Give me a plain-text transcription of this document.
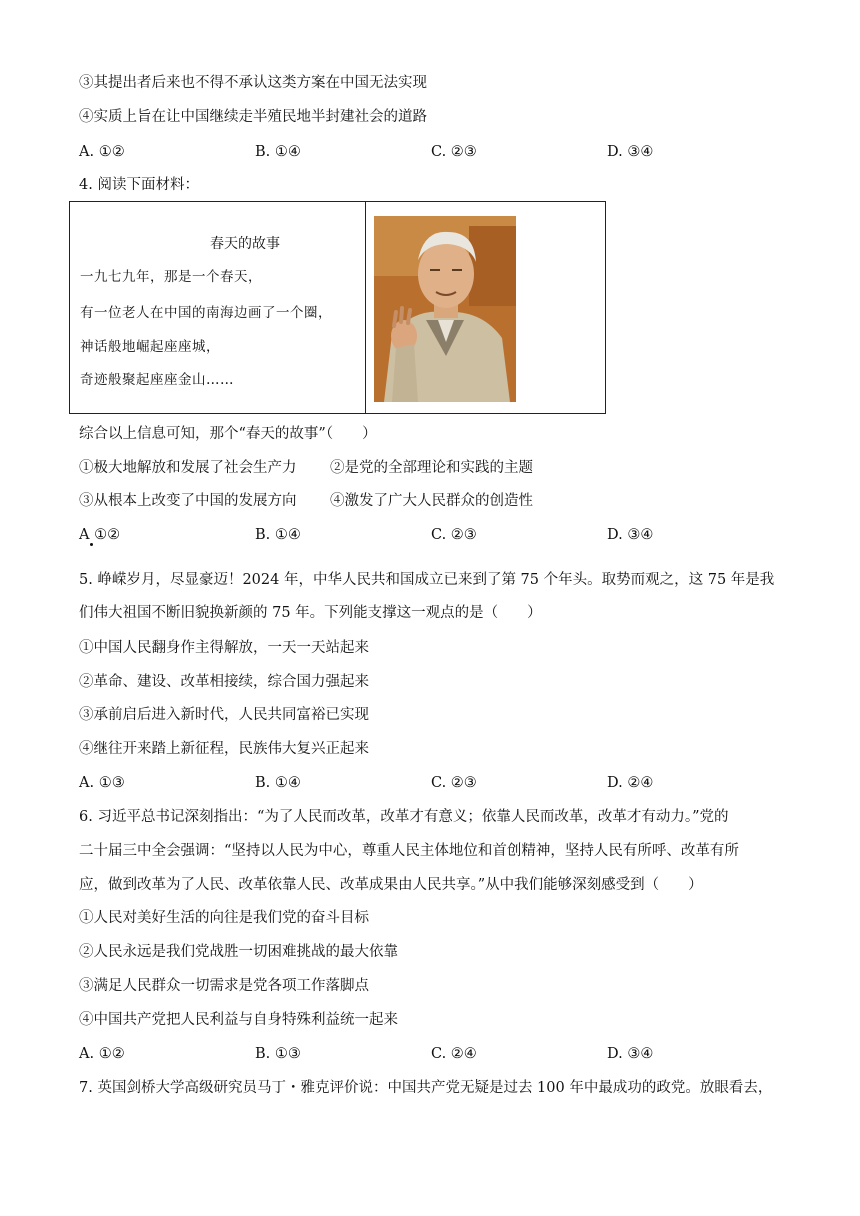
③其提出者后来也不得不承认这类方案在中国无法实现
④实质上旨在让中国继续走半殖民地半封建社会的道路
A. ①②	B. ①④	C. ②③	D. ③④
4. 阅读下面材料：
春天的故事
一九七九年，那是一个春天，
有一位老人在中国的南海边画了一个圈，
神话般地崛起座座城，
奇迹般聚起座座金山……
综合以上信息可知，那个“春天的故事”（　　）
①极大地解放和发展了社会生产力 ②是党的全部理论和实践的主题
③从根本上改变了中国的发展方向 ④激发了广大人民群众的创造性
A ①②	B. ①④	C. ②③	D. ③④
5. 峥嵘岁月，尽显豪迈！2024 年，中华人民共和国成立已来到了第 75 个年头。取势而观之，这 75 年是我
们伟大祖国不断旧貌换新颜的 75 年。下列能支撑这一观点的是（　　）
①中国人民翻身作主得解放，一天一天站起来
②革命、建设、改革相接续，综合国力强起来
③承前启后进入新时代，人民共同富裕已实现
④继往开来踏上新征程，民族伟大复兴正起来
A. ①③	B. ①④	C. ②③	D. ②④
6. 习近平总书记深刻指出：“为了人民而改革，改革才有意义；依靠人民而改革，改革才有动力。”党的
二十届三中全会强调：“坚持以人民为中心，尊重人民主体地位和首创精神，坚持人民有所呼、改革有所
应，做到改革为了人民、改革依靠人民、改革成果由人民共享。”从中我们能够深刻感受到（　　）
①人民对美好生活的向往是我们党的奋斗目标
②人民永远是我们党战胜一切困难挑战的最大依靠
③满足人民群众一切需求是党各项工作落脚点
④中国共产党把人民利益与自身特殊利益统一起来
A. ①②	B. ①③	C. ②④	D. ③④
7. 英国剑桥大学高级研究员马丁・雅克评价说：中国共产党无疑是过去 100 年中最成功的政党。放眼看去，
